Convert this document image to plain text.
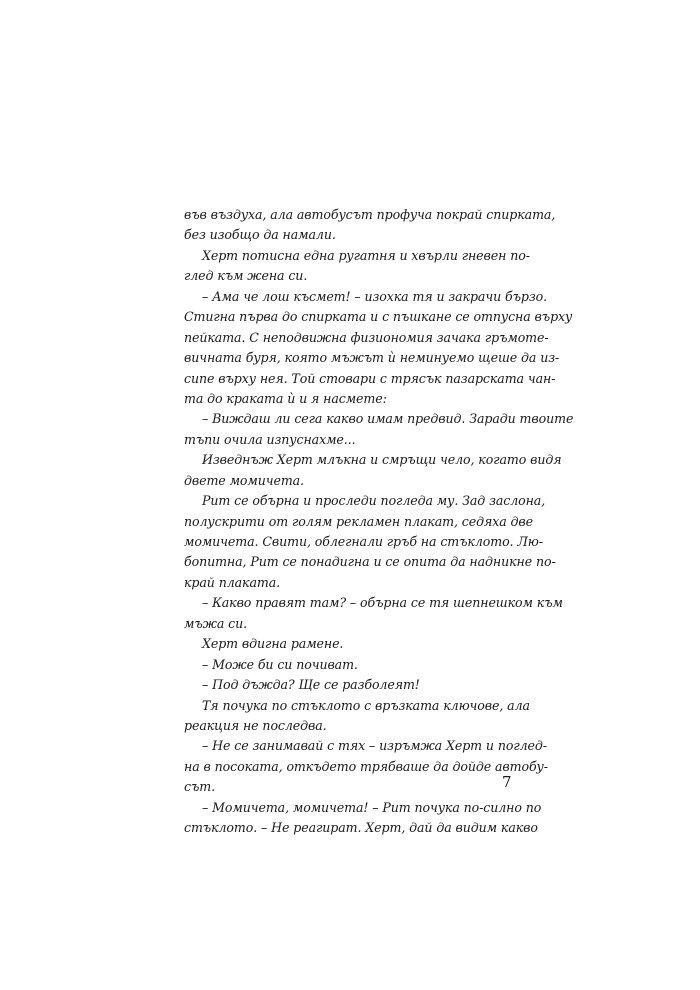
във въздуха, ала автобусът профуча покрай спирката,
без изобщо да намали.
Херт потисна една ругатня и хвърли гневен по-
глед към жена си.
– Ама че лош късмет! – изохка тя и закрачи бързо.
Стигна първа до спирката и с пъшкане се отпусна върху
пейката. С неподвижна физиономия зачака гръмоте-
вичната буря, която мъжът ѝ неминуемо щеше да из-
сипе върху нея. Той стовари с трясък пазарската чан-
та до краката ѝ и я насмете:
– Виждаш ли сега какво имам предвид. Заради твоите
тъпи очила изпуснахме...
Изведнъж Херт млъкна и смръщи чело, когато видя
двете момичета.
Рит се обърна и проследи погледа му. Зад заслона,
полускрити от голям рекламен плакат, седяха две
момичета. Свити, облегнали гръб на стъклото. Лю-
бопитна, Рит се понадигна и се опита да надникне по-
край плаката.
– Какво правят там? – обърна се тя шепнешком към
мъжа си.
Херт вдигна рамене.
– Може би си почиват.
– Под дъжда? Ще се разболеят!
Тя почука по стъклото с връзката ключове, ала
реакция не последва.
– Не се занимавай с тях – изръмжа Херт и поглед-
на в посоката, откъдето трябваше да дойде автобу-
сът.
– Момичета, момичета! – Рит почука по-силно по
стъклото. – Не реагират. Херт, дай да видим какво
7
